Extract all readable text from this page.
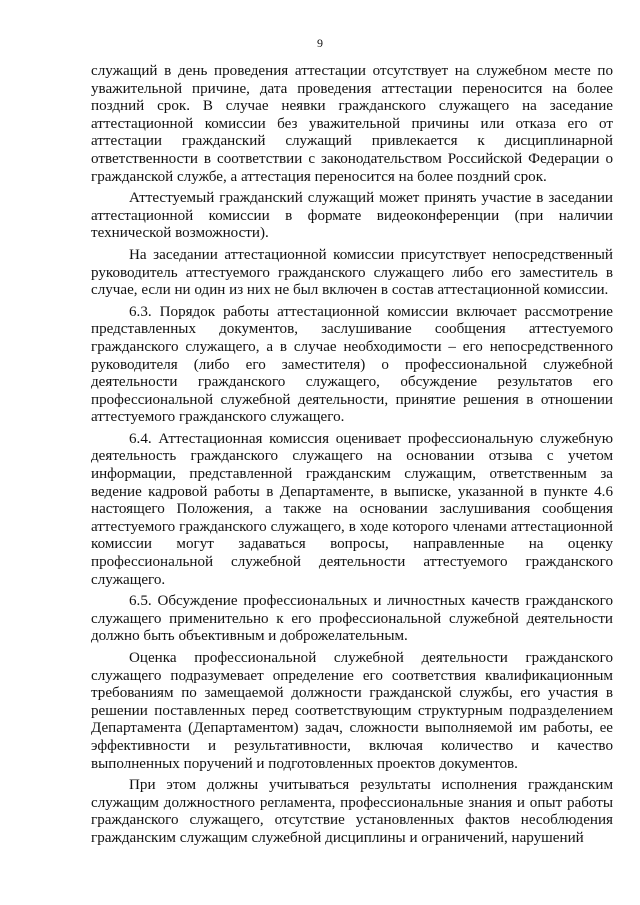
9

служащий в день проведения аттестации отсутствует на служебном месте по уважительной причине, дата проведения аттестации переносится на более поздний срок. В случае неявки гражданского служащего на заседание аттестационной комиссии без уважительной причины или отказа его от аттестации гражданский служащий привлекается к дисциплинарной ответственности в соответствии с законодательством Российской Федерации о гражданской службе, а аттестация переносится на более поздний срок.

Аттестуемый гражданский служащий может принять участие в заседании аттестационной комиссии в формате видеоконференции (при наличии технической возможности).

На заседании аттестационной комиссии присутствует непосредственный руководитель аттестуемого гражданского служащего либо его заместитель в случае, если ни один из них не был включен в состав аттестационной комиссии.

6.3. Порядок работы аттестационной комиссии включает рассмотрение представленных документов, заслушивание сообщения аттестуемого гражданского служащего, а в случае необходимости – его непосредственного руководителя (либо его заместителя) о профессиональной служебной деятельности гражданского служащего, обсуждение результатов его профессиональной служебной деятельности, принятие решения в отношении аттестуемого гражданского служащего.

6.4. Аттестационная комиссия оценивает профессиональную служебную деятельность гражданского служащего на основании отзыва с учетом информации, представленной гражданским служащим, ответственным за ведение кадровой работы в Департаменте, в выписке, указанной в пункте 4.6 настоящего Положения, а также на основании заслушивания сообщения аттестуемого гражданского служащего, в ходе которого членами аттестационной комиссии могут задаваться вопросы, направленные на оценку профессиональной служебной деятельности аттестуемого гражданского служащего.

6.5. Обсуждение профессиональных и личностных качеств гражданского служащего применительно к его профессиональной служебной деятельности должно быть объективным и доброжелательным.

Оценка профессиональной служебной деятельности гражданского служащего подразумевает определение его соответствия квалификационным требованиям по замещаемой должности гражданской службы, его участия в решении поставленных перед соответствующим структурным подразделением Департамента (Департаментом) задач, сложности выполняемой им работы, ее эффективности и результативности, включая количество и качество выполненных поручений и подготовленных проектов документов.

При этом должны учитываться результаты исполнения гражданским служащим должностного регламента, профессиональные знания и опыт работы гражданского служащего, отсутствие установленных фактов несоблюдения гражданским служащим служебной дисциплины и ограничений, нарушений
